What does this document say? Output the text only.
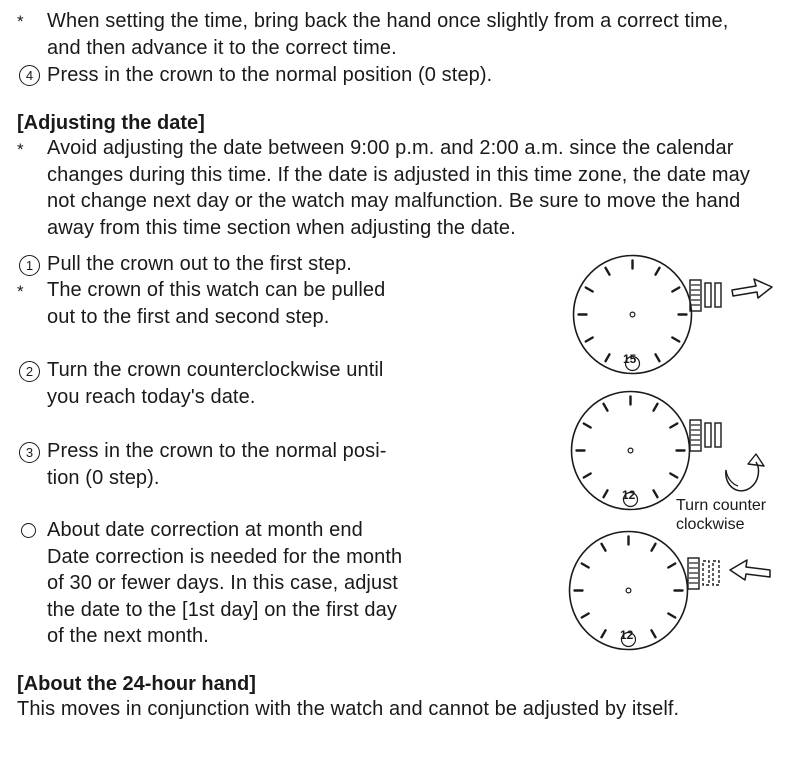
* When setting the time, bring back the hand once slightly from a correct time,
and then advance it to the correct time.
4 Press in the crown to the normal position (0 step).
[Adjusting the date]
* Avoid adjusting the date between 9:00 p.m. and 2:00 a.m. since the calendar
changes during this time. If the date is adjusted in this time zone, the date may
not change next day or the watch may malfunction. Be sure to move the hand
away from this time section when adjusting the date.
1 Pull the crown out to the first step.
* The crown of this watch can be pulled
out to the first and second step.
2 Turn the crown counterclockwise until
you reach today's date.
3 Press in the crown to the normal posi-
tion (0 step).
About date correction at month end
Date correction is needed for the month
of 30 or fewer days. In this case, adjust
the date to the [1st day] on the first day
of the next month.
15
12
Turn counter
clockwise
12
[About the 24-hour hand]
This moves in conjunction with the watch and cannot be adjusted by itself.
